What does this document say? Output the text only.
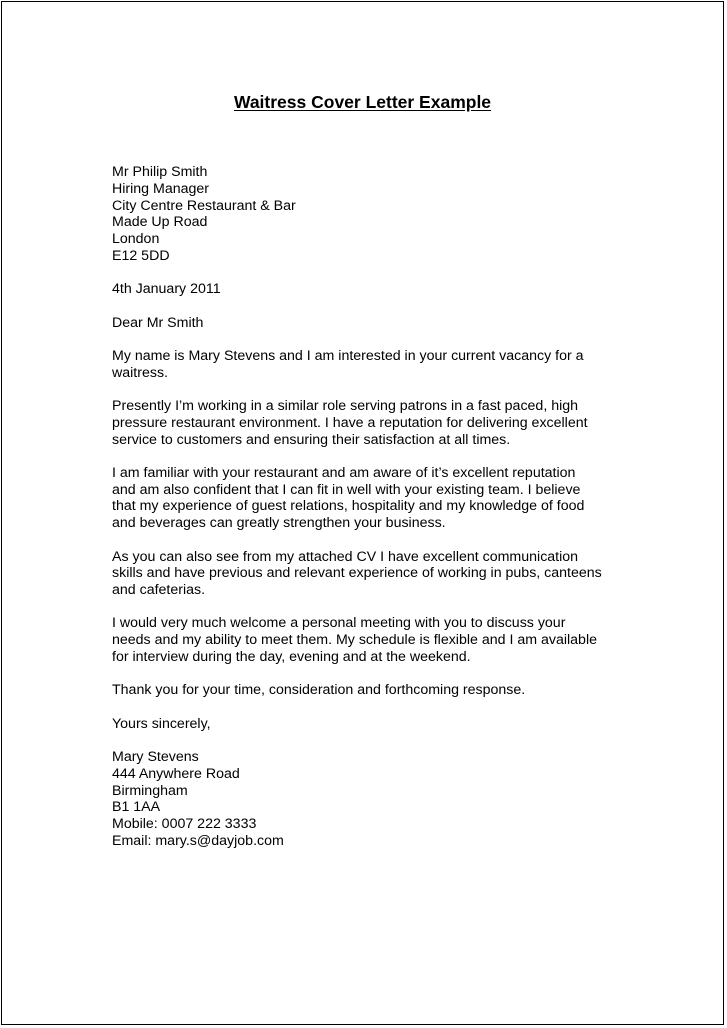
Waitress Cover Letter Example
Mr Philip Smith
Hiring Manager
City Centre Restaurant & Bar
Made Up Road
London
E12 5DD
4th January 2011
Dear Mr Smith
My name is Mary Stevens and I am interested in your current vacancy for a
waitress.
Presently I’m working in a similar role serving patrons in a fast paced, high
pressure restaurant environment. I have a reputation for delivering excellent
service to customers and ensuring their satisfaction at all times.
I am familiar with your restaurant and am aware of it’s excellent reputation
and am also confident that I can fit in well with your existing team. I believe
that my experience of guest relations, hospitality and my knowledge of food
and beverages can greatly strengthen your business.
As you can also see from my attached CV I have excellent communication
skills and have previous and relevant experience of working in pubs, canteens
and cafeterias.
I would very much welcome a personal meeting with you to discuss your
needs and my ability to meet them. My schedule is flexible and I am available
for interview during the day, evening and at the weekend.
Thank you for your time, consideration and forthcoming response.
Yours sincerely,
Mary Stevens
444 Anywhere Road
Birmingham
B1 1AA
Mobile: 0007 222 3333
Email: mary.s@dayjob.com
